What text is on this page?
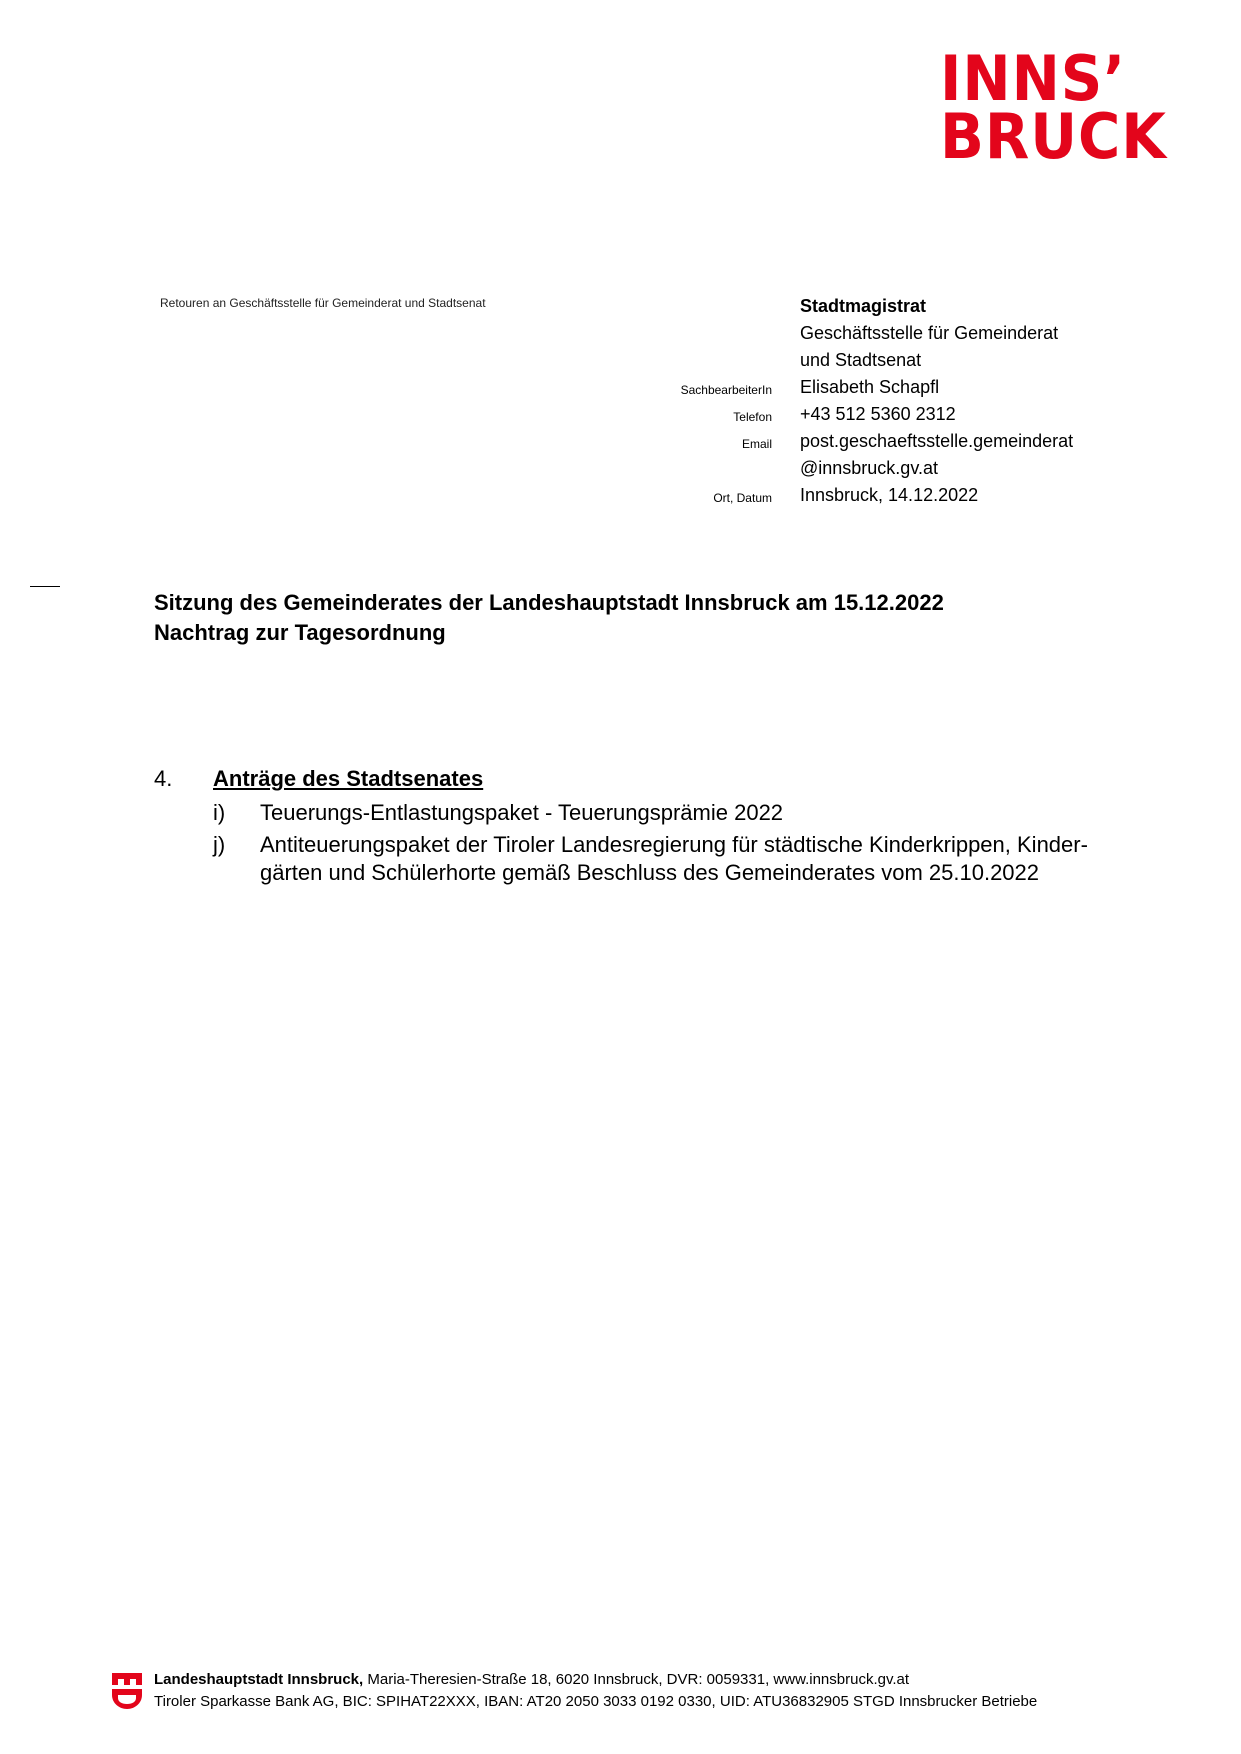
INNS’
BRUCK
Retouren an Geschäftsstelle für Gemeinderat und Stadtsenat	Stadtmagistrat
Geschäftsstelle für Gemeinderat
und Stadtsenat
SachbearbeiterIn Elisabeth Schapfl
Telefon +43 512 5360 2312
Email post.geschaeftsstelle.gemeinderat
@innsbruck.gv.at
Ort, Datum Innsbruck, 14.12.2022
Sitzung des Gemeinderates der Landeshauptstadt Innsbruck am 15.12.2022
Nachtrag zur Tagesordnung
4. Anträge des Stadtsenates
i) Teuerungs-Entlastungspaket - Teuerungsprämie 2022
j) Antiteuerungspaket der Tiroler Landesregierung für städtische Kinderkrippen, Kinder-
gärten und Schülerhorte gemäß Beschluss des Gemeinderates vom 25.10.2022
Landeshauptstadt Innsbruck, Maria-Theresien-Straße 18, 6020 Innsbruck, DVR: 0059331, www.innsbruck.gv.at
Tiroler Sparkasse Bank AG, BIC: SPIHAT22XXX, IBAN: AT20 2050 3033 0192 0330, UID: ATU36832905 STGD Innsbrucker Betriebe
